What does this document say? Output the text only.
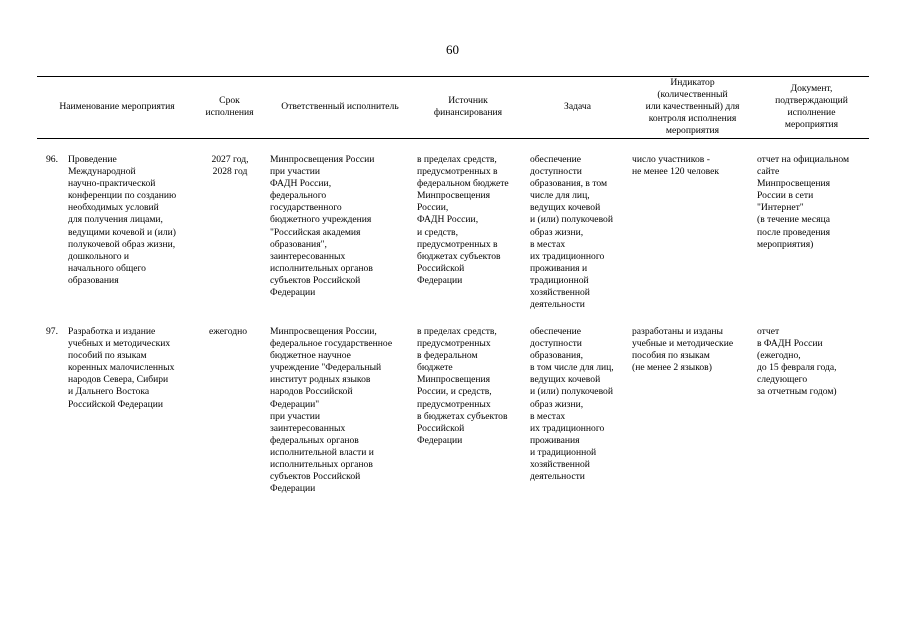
60
Наименование мероприятия
Срок
исполнения
Ответственный исполнитель
Источник
финансирования
Задача
Индикатор
(количественный
или качественный) для
контроля исполнения
мероприятия
Документ,
подтверждающий
исполнение
мероприятия
96. Проведение
Международной
научно-практической
конференции по созданию
необходимых условий
для получения лицами,
ведущими кочевой и (или)
полукочевой образ жизни,
дошкольного и
начального общего
образования
2027 год,
2028 год
Минпросвещения России
при участии
ФАДН России,
федерального
государственного
бюджетного учреждения
"Российская академия
образования",
заинтересованных
исполнительных органов
субъектов Российской
Федерации
в пределах средств,
предусмотренных в
федеральном бюджете
Минпросвещения
России,
ФАДН России,
и средств,
предусмотренных в
бюджетах субъектов
Российской
Федерации
обеспечение
доступности
образования, в том
числе для лиц,
ведущих кочевой
и (или) полукочевой
образ жизни,
в местах
их традиционного
проживания и
традиционной
хозяйственной
деятельности
число участников -
не менее 120 человек
отчет на официальном
сайте
Минпросвещения
России в сети
"Интернет"
(в течение месяца
после проведения
мероприятия)
97. Разработка и издание
учебных и методических
пособий по языкам
коренных малочисленных
народов Севера, Сибири
и Дальнего Востока
Российской Федерации
ежегодно	Минпросвещения России,
федеральное государственное
бюджетное научное
учреждение "Федеральный
институт родных языков
народов Российской
Федерации"
при участии
заинтересованных
федеральных органов
исполнительной власти и
исполнительных органов
субъектов Российской
Федерации
в пределах средств,
предусмотренных
в федеральном
бюджете
Минпросвещения
России, и средств,
предусмотренных
в бюджетах субъектов
Российской
Федерации
обеспечение
доступности
образования,
в том числе для лиц,
ведущих кочевой
и (или) полукочевой
образ жизни,
в местах
их традиционного
проживания
и традиционной
хозяйственной
деятельности
разработаны и изданы
учебные и методические
пособия по языкам
(не менее 2 языков)
отчет
в ФАДН России
(ежегодно,
до 15 февраля года,
следующего
за отчетным годом)
